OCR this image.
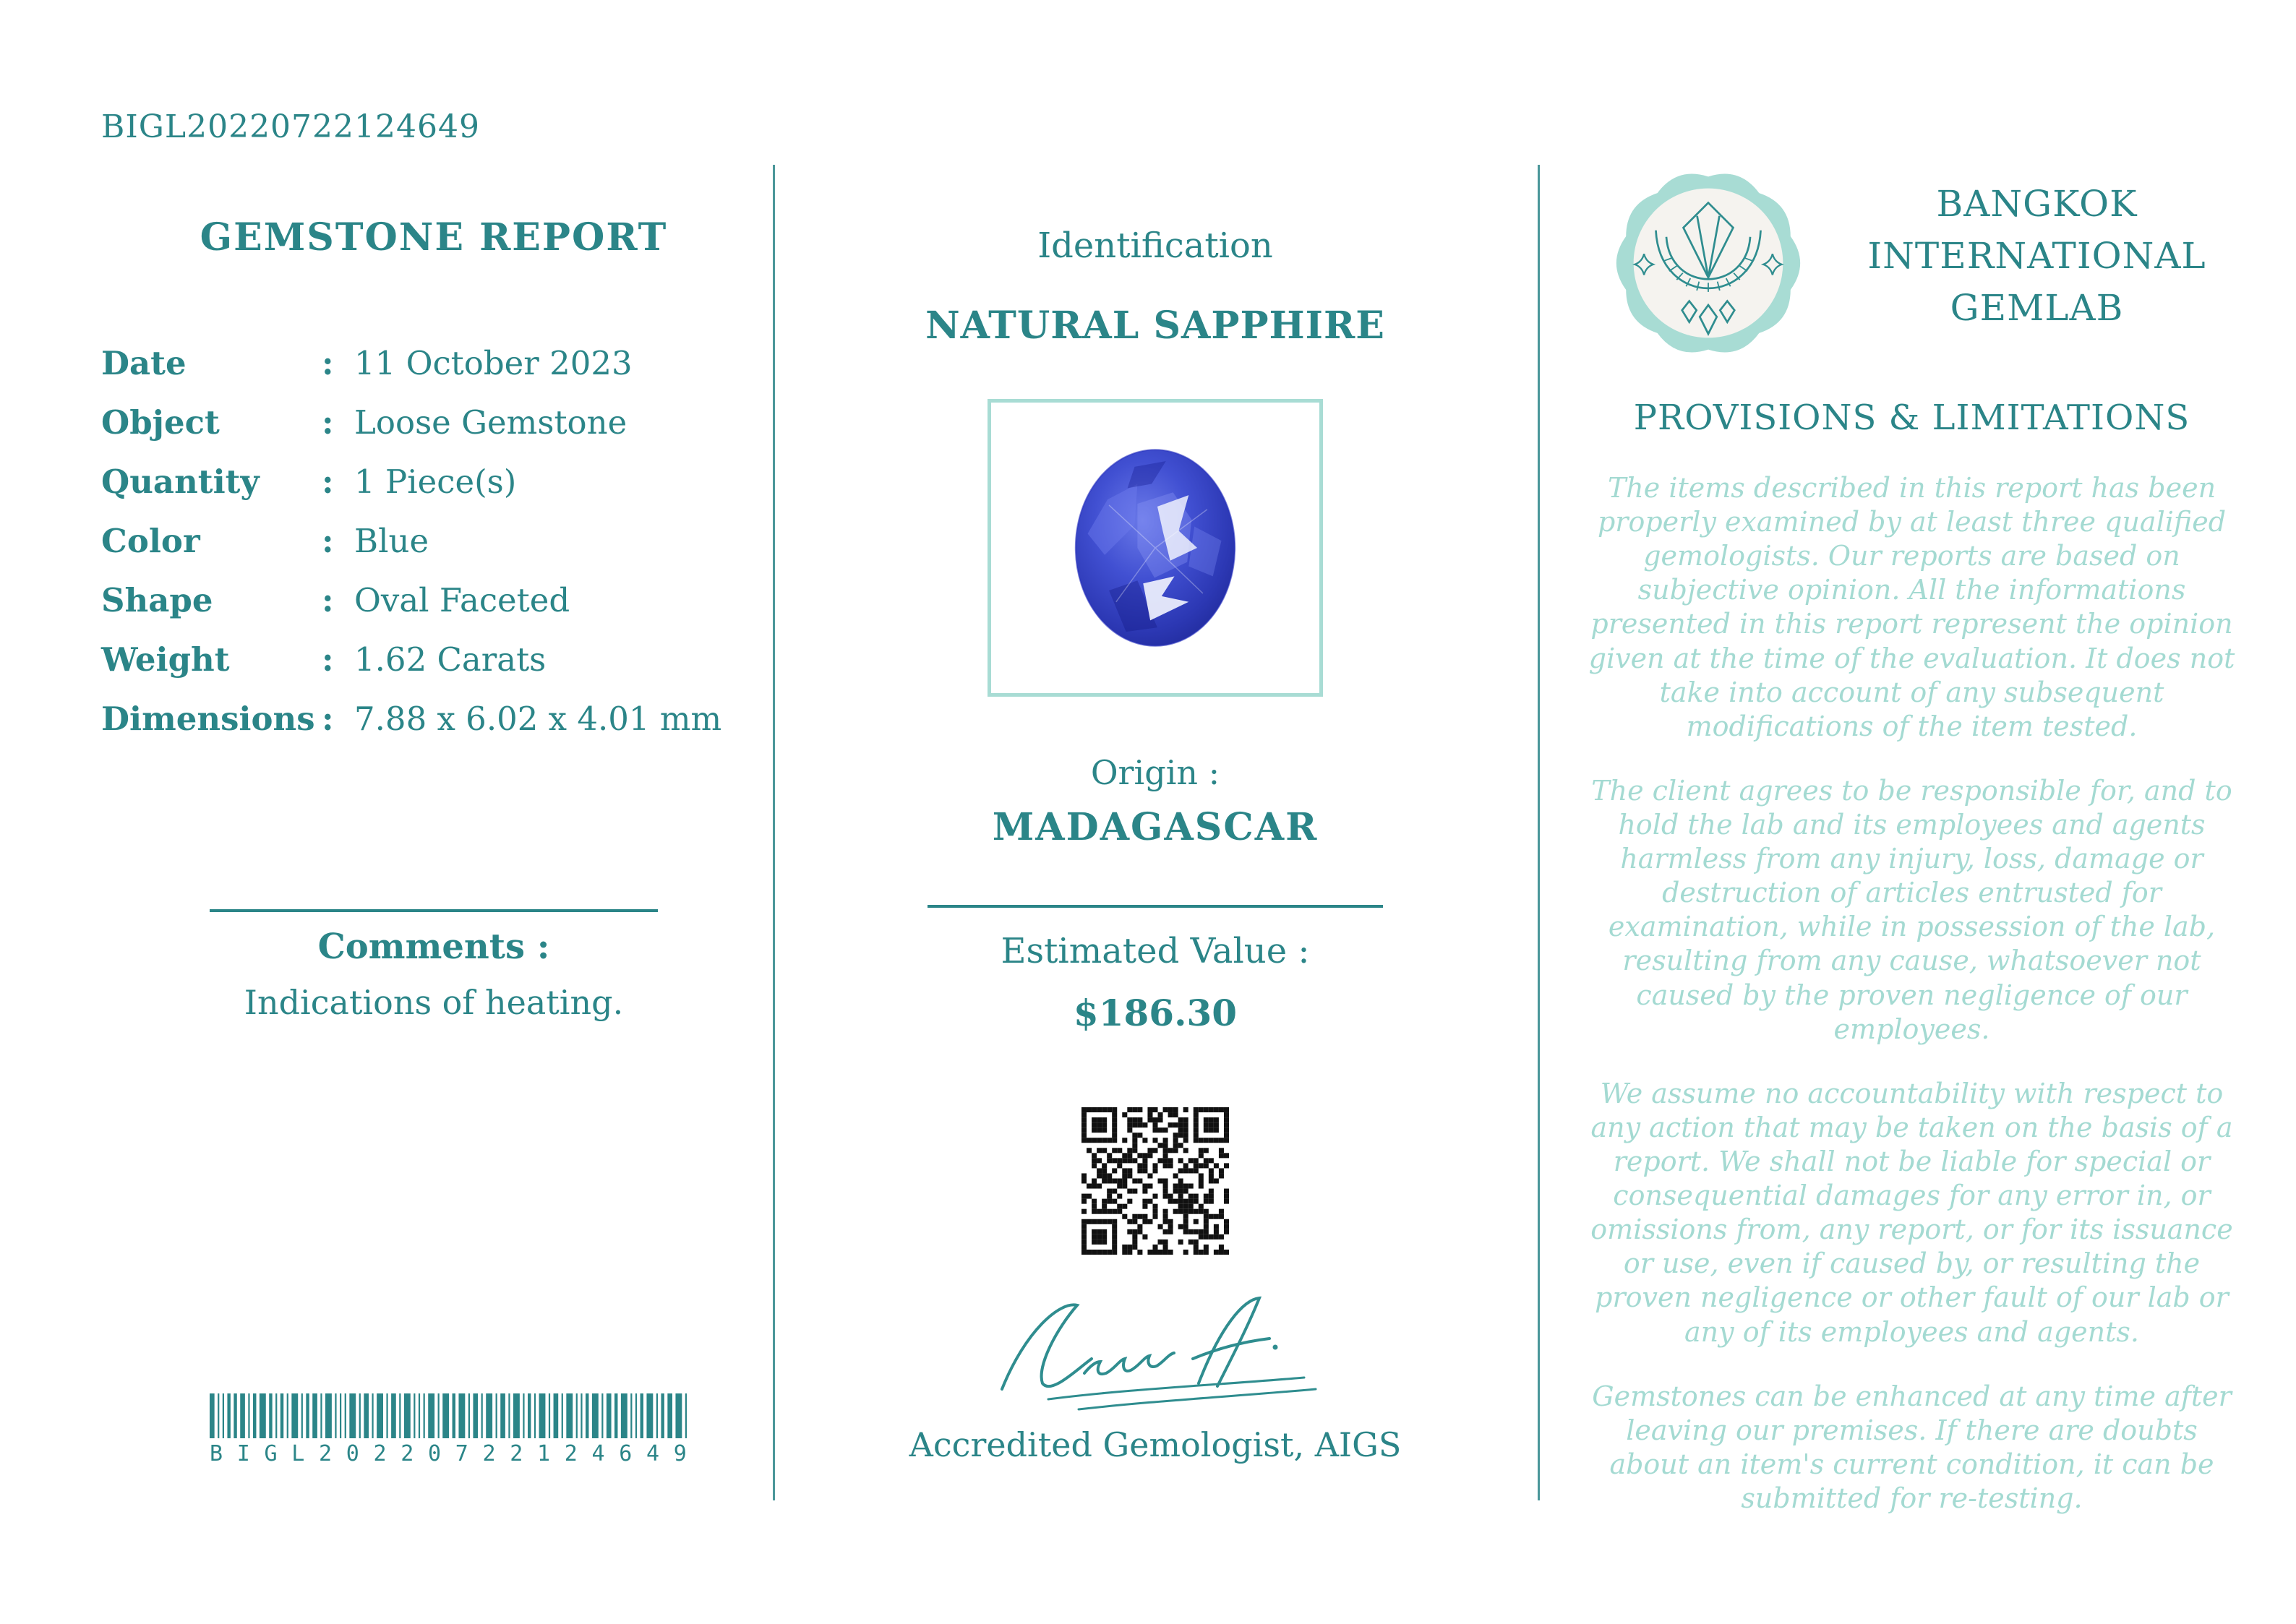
BIGL20220722124649
GEMSTONE REPORT
Date	: 11 October 2023
Object	: Loose Gemstone
Quantity	: 1 Piece(s)
Color	: Blue
Shape	: Oval Faceted
Weight	: 1.62 Carats
Dimensions : 7.88 x 6.02 x 4.01 mm
Comments :
Indications of heating.
B I G L 2 0 2 2 0 7 2 2 1 2 4 6 4 9
Identification
NATURAL SAPPHIRE
Origin :
MADAGASCAR
Estimated Value :
$186.30
Accredited Gemologist, AIGS
BANGKOK
INTERNATIONAL
GEMLAB
PROVISIONS & LIMITATIONS

The items described in this report has been properly examined by at least three qualified gemologists. Our reports are based on subjective opinion. All the informations presented in this report represent the opinion given at the time of the evaluation. It does not take into account of any subsequent modifications of the item tested.

The client agrees to be responsible for, and to hold the lab and its employees and agents harmless from any injury, loss, damage or destruction of articles entrusted for examination, while in possession of the lab, resulting from any cause, whatsoever not caused by the proven negligence of our employees.

We assume no accountability with respect to any action that may be taken on the basis of a report. We shall not be liable for special or consequential damages for any error in, or omissions from, any report, or for its issuance or use, even if caused by, or resulting the proven negligence or other fault of our lab or any of its employees and agents.

Gemstones can be enhanced at any time after leaving our premises. If there are doubts about an item's current condition, it can be submitted for re-testing.
